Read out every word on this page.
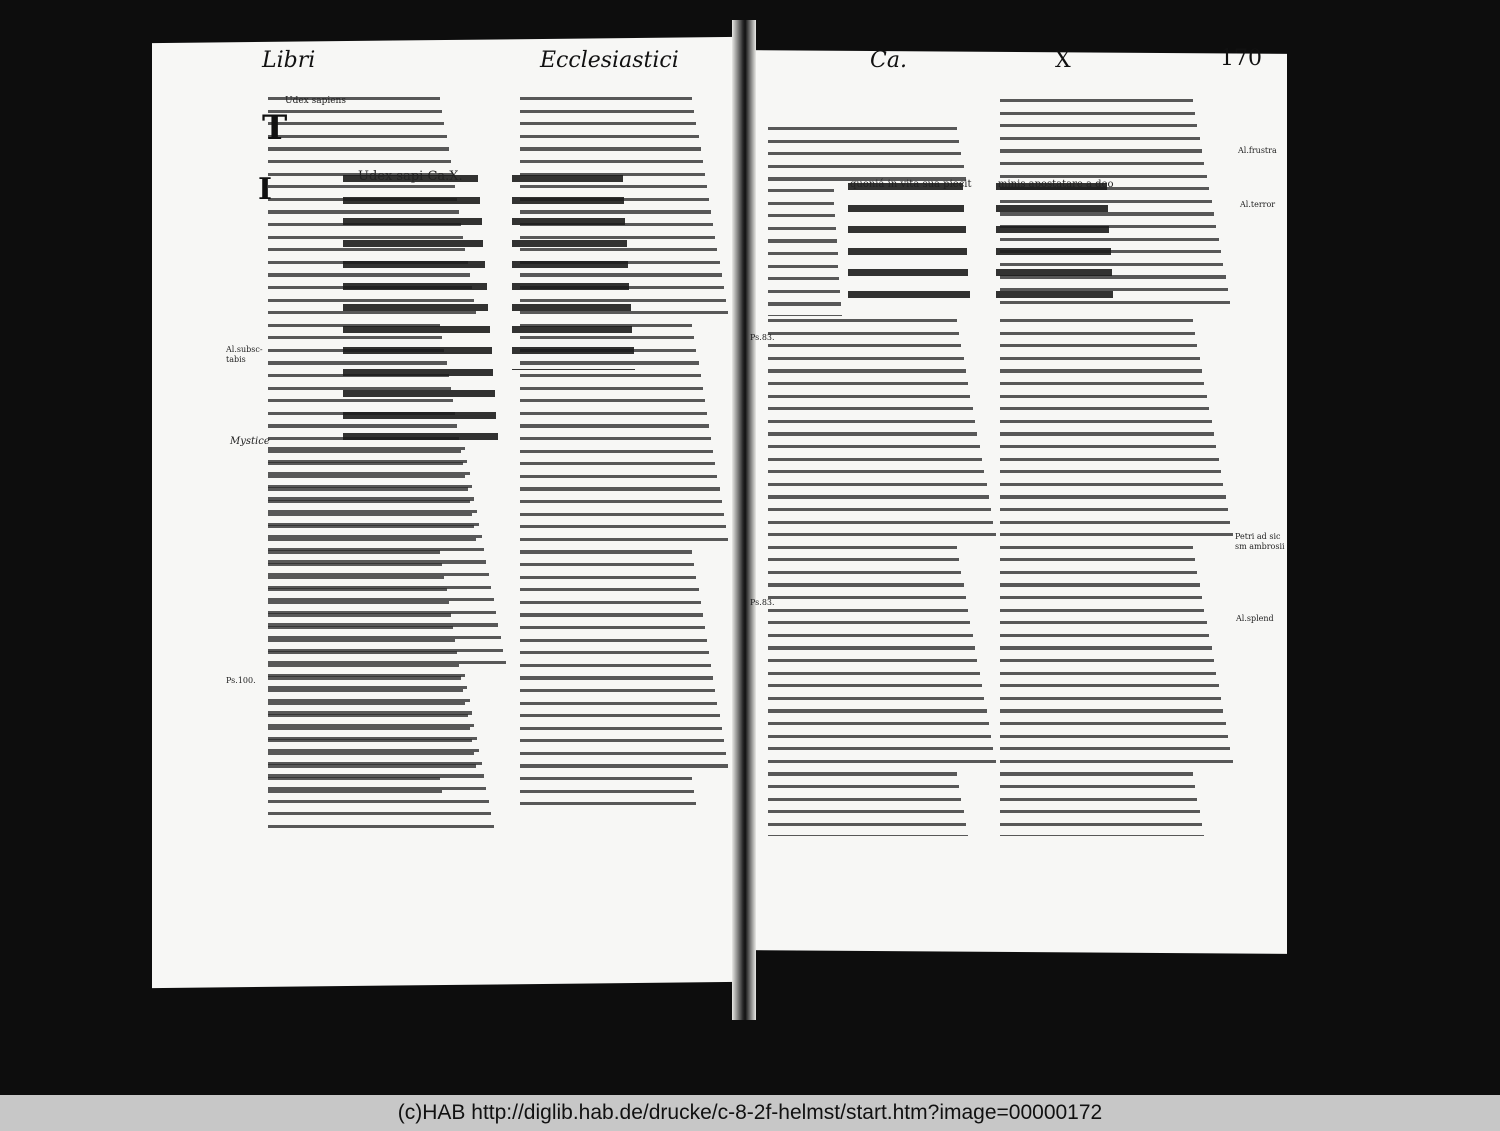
Libri	Ecclesiastici	Ca.	X	170
T
I
Al.subsc-
tabis
Mystice
Ps.100.
Ps.83.
Ps.83.
Al.frustra
Al.terror
Petri ad sic
sm ambrosii
Al.splend
Udex sapiens
Udex sapi Ca.X.
quoniá in vita sua piecit	minis apostatare a deo
(c)HAB http://diglib.hab.de/drucke/c-8-2f-helmst/start.htm?image=00000172
